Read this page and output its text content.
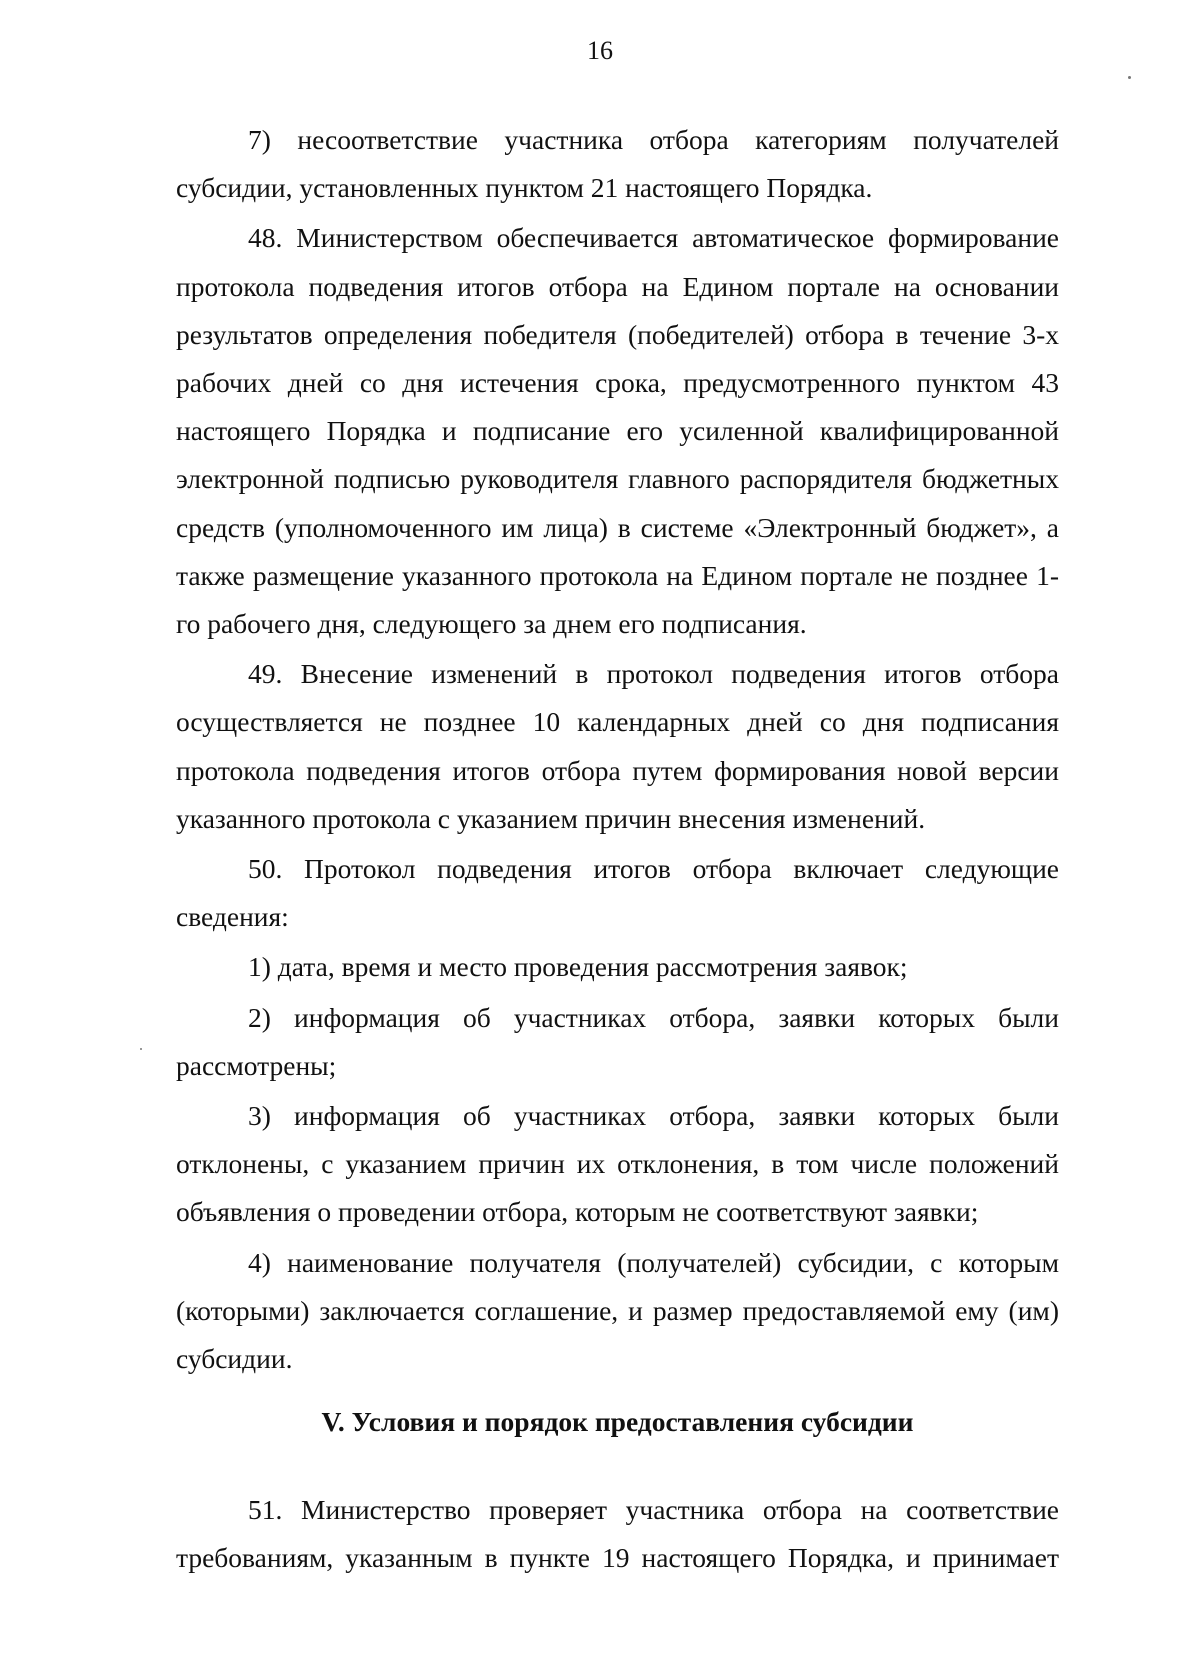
16

7) несоответствие участника отбора категориям получателей субсидии, установленных пунктом 21 настоящего Порядка.

48. Министерством обеспечивается автоматическое формирование протокола подведения итогов отбора на Едином портале на основании результатов определения победителя (победителей) отбора в течение 3-х рабочих дней со дня истечения срока, предусмотренного пунктом 43 настоящего Порядка и подписание его усиленной квалифицированной электронной подписью руководителя главного распорядителя бюджетных средств (уполномоченного им лица) в системе «Электронный бюджет», а также размещение указанного протокола на Едином портале не позднее 1-го рабочего дня, следующего за днем его подписания.

49. Внесение изменений в протокол подведения итогов отбора осуществляется не позднее 10 календарных дней со дня подписания протокола подведения итогов отбора путем формирования новой версии указанного протокола с указанием причин внесения изменений.

50. Протокол подведения итогов отбора включает следующие сведения:

1) дата, время и место проведения рассмотрения заявок;

2) информация об участниках отбора, заявки которых были рассмотрены;

3) информация об участниках отбора, заявки которых были отклонены, с указанием причин их отклонения, в том числе положений объявления о проведении отбора, которым не соответствуют заявки;

4) наименование получателя (получателей) субсидии, с которым (которыми) заключается соглашение, и размер предоставляемой ему (им) субсидии.

V. Условия и порядок предоставления субсидии

51. Министерство проверяет участника отбора на соответствие требованиям, указанным в пункте 19 настоящего Порядка, и принимает
